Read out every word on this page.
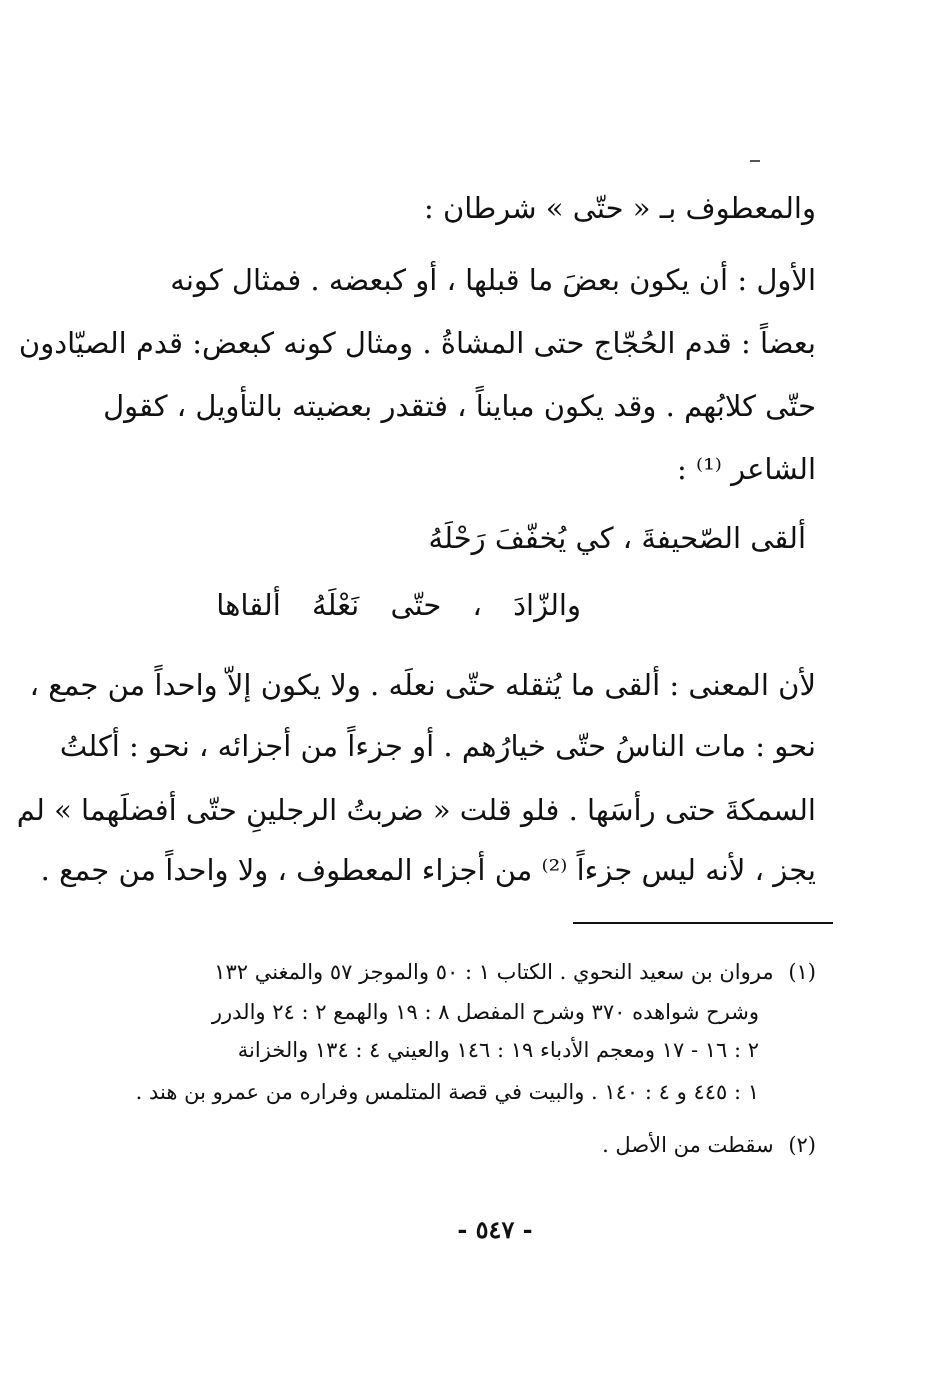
والمعطوف بـ « حتّى » شرطان :
الأول : أن يكون بعضَ ما قبلها ، أو كبعضه . فمثال كونه
بعضاً : قدم الحُجّاج حتى المشاةُ . ومثال كونه كبعض: قدم الصيّادون
حتّى كلابُهم . وقد يكون مبايناً ، فتقدر بعضيته بالتأويل ، كقول
الشاعر ⁽¹⁾ :
ألقى الصّحيفةَ ، كي يُخفّفَ رَحْلَهُ
والزّادَ ، حتّى نَعْلَهُ ألقاها
لأن المعنى : ألقى ما يُثقله حتّى نعلَه . ولا يكون إلاّ واحداً من جمع ،
نحو : مات الناسُ حتّى خيارُهم . أو جزءاً من أجزائه ، نحو : أكلتُ
السمكةَ حتى رأسَها . فلو قلت « ضربتُ الرجلينِ حتّى أفضلَهما » لم
يجز ، لأنه ليس جزءاً ⁽²⁾ من أجزاء المعطوف ، ولا واحداً من جمع .
(١) مروان بن سعيد النحوي . الكتاب ١ : ٥٠ والموجز ٥٧ والمغني ١٣٢
وشرح شواهده ٣٧٠ وشرح المفصل ٨ : ١٩ والهمع ٢ : ٢٤ والدرر
٢ : ١٦ - ١٧ ومعجم الأدباء ١٩ : ١٤٦ والعيني ٤ : ١٣٤ والخزانة
١ : ٤٤٥ و ٤ : ١٤٠ . والبيت في قصة المتلمس وفراره من عمرو بن هند .
(٢) سقطت من الأصل .
- ٥٤٧ -
